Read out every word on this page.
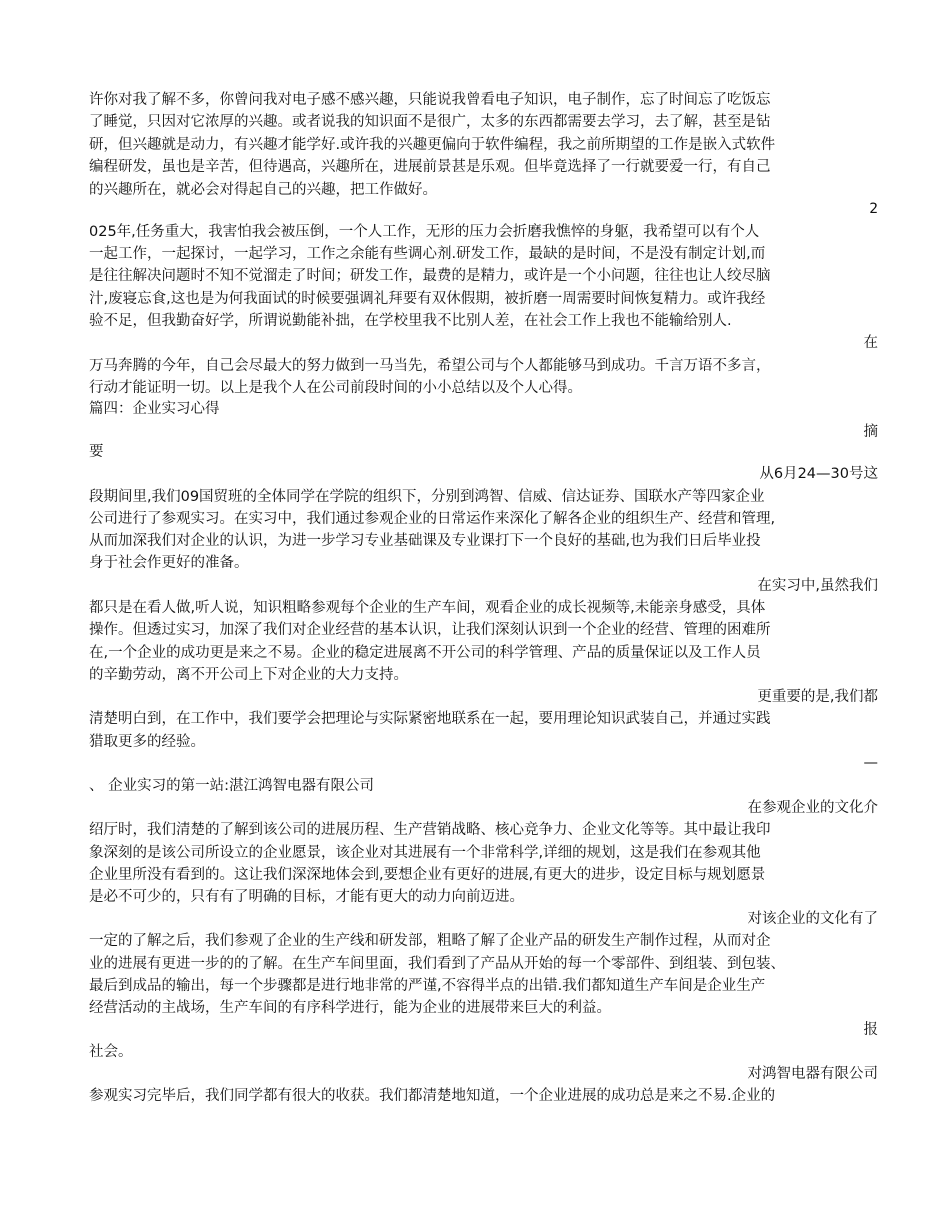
许你对我了解不多，你曾问我对电子感不感兴趣，只能说我曾看电子知识，电子制作，忘了时间忘了吃饭忘
了睡觉，只因对它浓厚的兴趣。或者说我的知识面不是很广，太多的东西都需要去学习，去了解，甚至是钻
研，但兴趣就是动力，有兴趣才能学好.或许我的兴趣更偏向于软件编程，我之前所期望的工作是嵌入式软件
编程研发，虽也是辛苦，但待遇高，兴趣所在，进展前景甚是乐观。但毕竟选择了一行就要爱一行，有自己
的兴趣所在，就必会对得起自己的兴趣，把工作做好。
2
025年,任务重大，我害怕我会被压倒，一个人工作，无形的压力会折磨我憔悴的身躯，我希望可以有个人
一起工作，一起探讨，一起学习，工作之余能有些调心剂.研发工作，最缺的是时间，不是没有制定计划,而
是往往解决问题时不知不觉溜走了时间；研发工作，最费的是精力，或许是一个小问题，往往也让人绞尽脑
汁,废寝忘食,这也是为何我面试的时候要强调礼拜要有双休假期，被折磨一周需要时间恢复精力。或许我经
验不足，但我勤奋好学，所谓说勤能补拙，在学校里我不比别人差，在社会工作上我也不能输给别人.
在
万马奔腾的今年，自己会尽最大的努力做到一马当先，希望公司与个人都能够马到成功。千言万语不多言，
行动才能证明一切。以上是我个人在公司前段时间的小小总结以及个人心得。
篇四：企业实习心得
摘
要
从6月24—30号这
段期间里,我们09国贸班的全体同学在学院的组织下，分别到鸿智、信威、信达证券、国联水产等四家企业
公司进行了参观实习。在实习中，我们通过参观企业的日常运作来深化了解各企业的组织生产、经营和管理,
从而加深我们对企业的认识，为进一步学习专业基础课及专业课打下一个良好的基础,也为我们日后毕业投
身于社会作更好的准备。
在实习中,虽然我们
都只是在看人做,听人说，知识粗略参观每个企业的生产车间，观看企业的成长视频等,未能亲身感受，具体
操作。但透过实习，加深了我们对企业经营的基本认识，让我们深刻认识到一个企业的经营、管理的困难所
在,一个企业的成功更是来之不易。企业的稳定进展离不开公司的科学管理、产品的质量保证以及工作人员
的辛勤劳动，离不开公司上下对企业的大力支持。
更重要的是,我们都
清楚明白到，在工作中，我们要学会把理论与实际紧密地联系在一起，要用理论知识武装自己，并通过实践
猎取更多的经验。
—
、 企业实习的第一站:湛江鸿智电器有限公司
在参观企业的文化介
绍厅时，我们清楚的了解到该公司的进展历程、生产营销战略、核心竞争力、企业文化等等。其中最让我印
象深刻的是该公司所设立的企业愿景，该企业对其进展有一个非常科学,详细的规划，这是我们在参观其他
企业里所没有看到的。这让我们深深地体会到,要想企业有更好的进展,有更大的进步，设定目标与规划愿景
是必不可少的，只有有了明确的目标，才能有更大的动力向前迈进。
对该企业的文化有了
一定的了解之后，我们参观了企业的生产线和研发部，粗略了解了企业产品的研发生产制作过程，从而对企
业的进展有更进一步的的了解。在生产车间里面，我们看到了产品从开始的每一个零部件、到组装、到包装、
最后到成品的输出，每一个步骤都是进行地非常的严谨,不容得半点的出错.我们都知道生产车间是企业生产
经营活动的主战场，生产车间的有序科学进行，能为企业的进展带来巨大的利益。
报
社会。
对鸿智电器有限公司
参观实习完毕后，我们同学都有很大的收获。我们都清楚地知道，一个企业进展的成功总是来之不易.企业的
